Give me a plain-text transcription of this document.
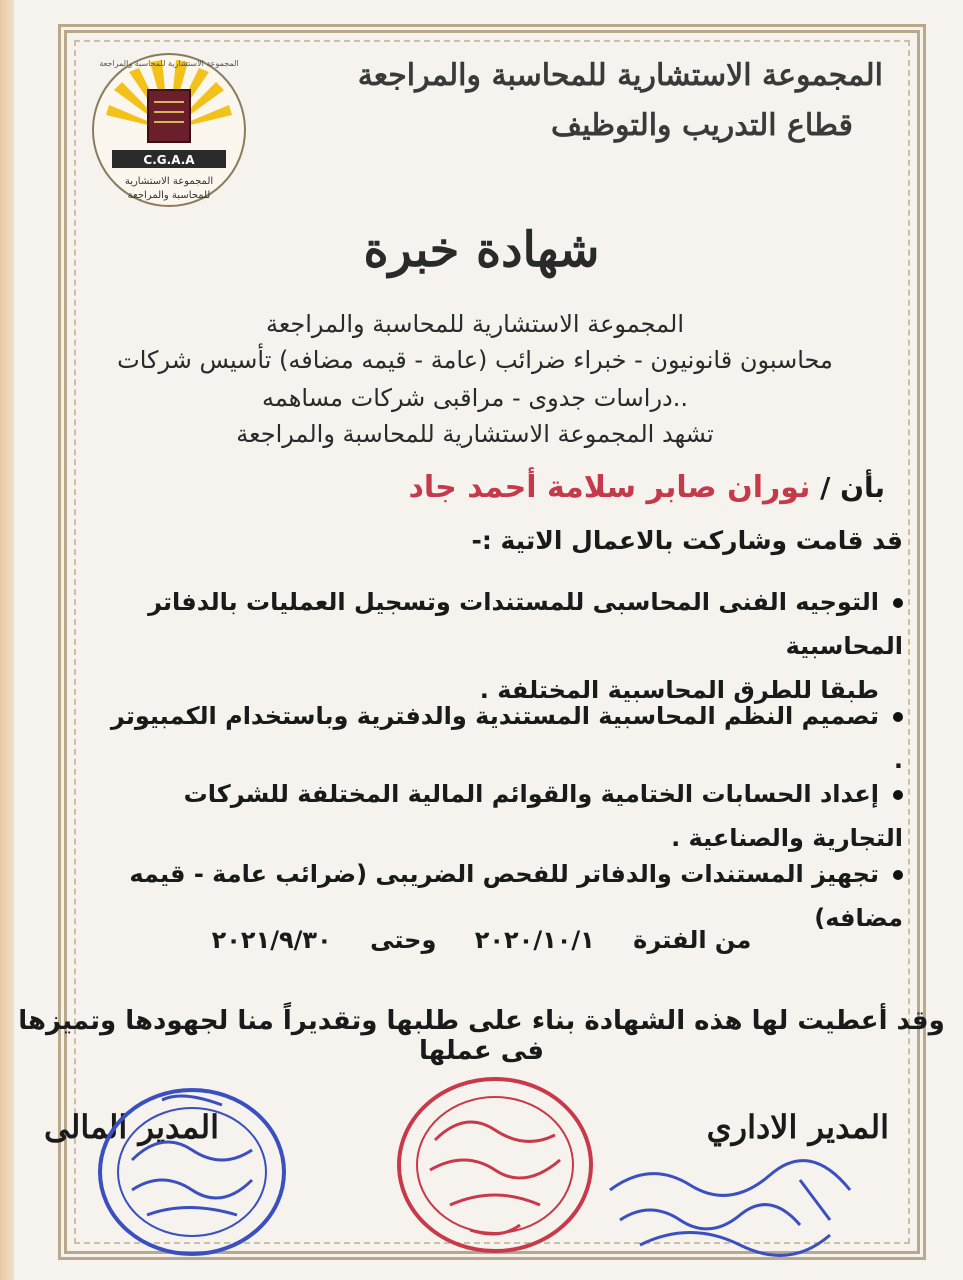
C.G.A.A
المجموعة الاستشارية
للمحاسبة والمراجعة
المجموعة الاستشارية للمحاسبة والمراجعة	المجموعة الاستشارية للمحاسبة والمراجعة
قطاع التدريب والتوظيف
شهادة خبرة
المجموعة الاستشارية للمحاسبة والمراجعة
محاسبون قانونيون - خبراء ضرائب (عامة - قيمه مضافه) تأسيس شركات
..دراسات جدوى - مراقبى شركات مساهمه
تشهد المجموعة الاستشارية للمحاسبة والمراجعة
بأن / نوران صابر سلامة أحمد جاد
قد قامت وشاركت بالاعمال الاتية :-
التوجيه الفنى المحاسبى للمستندات وتسجيل العمليات بالدفاتر المحاسبية
طبقا للطرق المحاسبية المختلفة .
تصميم النظم المحاسبية المستندية والدفترية وباستخدام الكمبيوتر .
إعداد الحسابات الختامية والقوائم المالية المختلفة للشركات التجارية والصناعية .
تجهيز المستندات والدفاتر للفحص الضريبى (ضرائب عامة - قيمه مضافه)
من الفترة ٢٠٢٠/١٠/١ وحتى ٢٠٢١/٩/٣٠
وقد أعطيت لها هذه الشهادة بناء على طلبها وتقديراً منا لجهودها وتميزها فى عملها
المدير المالى	المدير الاداري
